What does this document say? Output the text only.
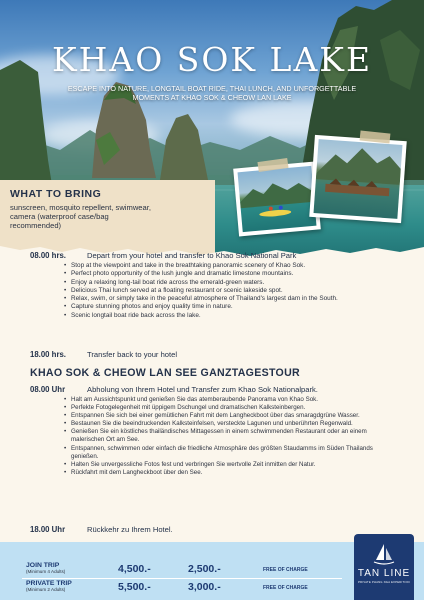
KHAO SOK LAKE

ESCAPE INTO NATURE, LONGTAIL BOAT RIDE, THAI LUNCH, AND UNFORGETTABLE MOMENTS AT KHAO SOK & CHEOW LAN LAKE

WHAT TO BRING

sunscreen, mosquito repellent, swimwear, camera (waterproof case/bag recommended)

08.00 hrs.	Depart from your hotel and transfer to Khao Sok National Park
• Stop at the viewpoint and take in the breathtaking panoramic scenery of Khao Sok.
• Perfect photo opportunity of the lush jungle and dramatic limestone mountains.
• Enjoy a relaxing long-tail boat ride across the emerald-green waters.
• Delicious Thai lunch served at a floating restaurant or scenic lakeside spot.
• Relax, swim, or simply take in the peaceful atmosphere of Thailand's largest dam in the South.
• Capture stunning photos and enjoy quality time in nature.
• Scenic longtail boat ride back across the lake.
18.00 hrs.	Transfer back to your hotel
KHAO SOK & CHEOW LAN SEE GANZTAGESTOUR
08.00 Uhr	Abholung von Ihrem Hotel und Transfer zum Khao Sok Nationalpark.
• Halt am Aussichtspunkt und genießen Sie das atemberaubende Panorama von Khao Sok.
• Perfekte Fotogelegenheit mit üppigem Dschungel und dramatischen Kalksteinbergen.
• Entspannen Sie sich bei einer gemütlichen Fahrt mit dem Langheckboot über das smaragdgrüne Wasser.
• Bestaunen Sie die beeindruckenden Kalksteinfelsen, versteckte Lagunen und unberührten Regenwald.
• Genießen Sie ein köstliches thailändisches Mittagessen in einem schwimmenden Restaurant oder an einem malerischen Ort am See.
• Entspannen, schwimmen oder einfach die friedliche Atmosphäre des größten Staudamms im Süden Thailands genießen.
• Halten Sie unvergessliche Fotos fest und verbringen Sie wertvolle Zeit inmitten der Natur.
• Rückfahrt mit dem Langheckboot über den See.
18.00 Uhr	Rückkehr zu Ihrem Hotel.
JOIN TRIP
(Minimum 4 Adults)	4,500.-	2,500.-	FREE OF CHARGE
PRIVATE TRIP
(Minimum 2 Adults)	5,500.-	3,000.-	FREE OF CHARGE
TAN LINE
PRIVATE PHANG NGA EXPEDITION
